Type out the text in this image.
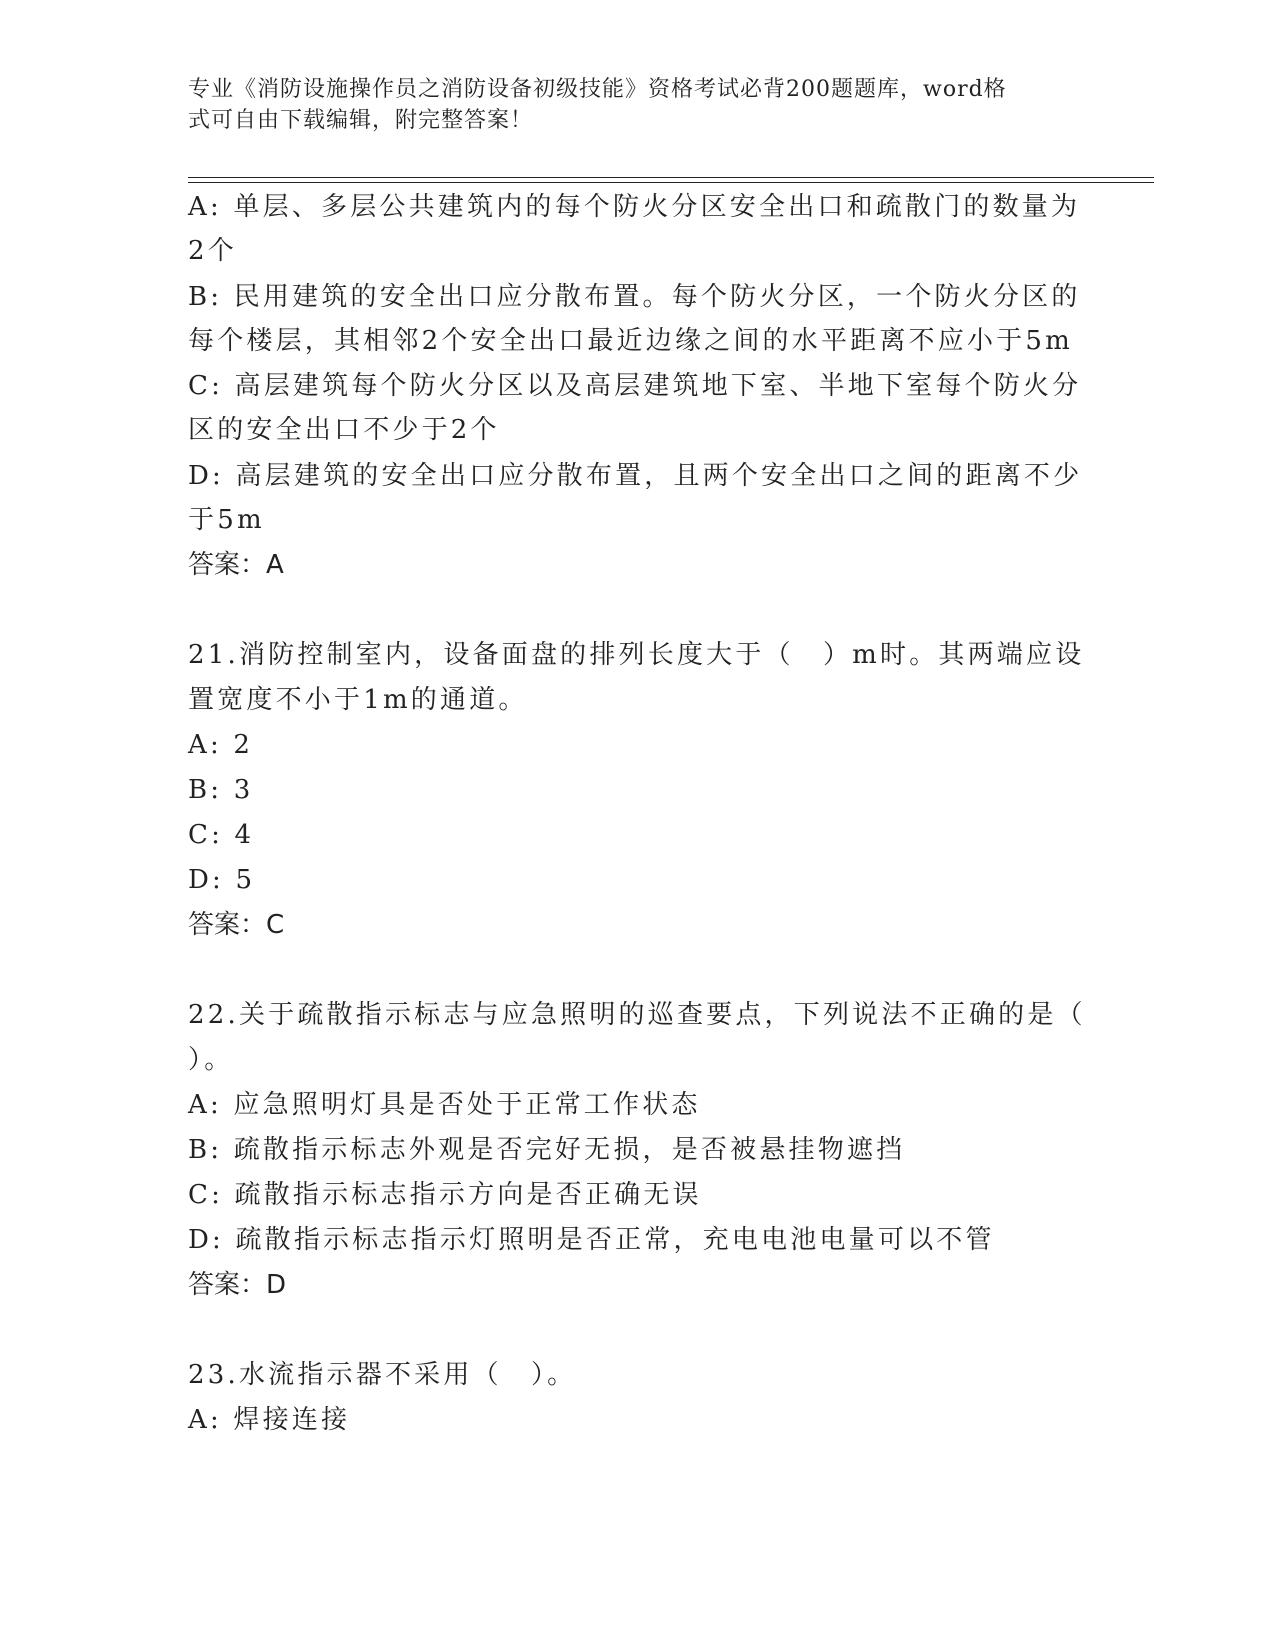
专业《消防设施操作员之消防设备初级技能》资格考试必背200题题库，word格
式可自由下载编辑，附完整答案！
A: 单层、多层公共建筑内的每个防火分区安全出口和疏散门的数量为
2个
B: 民用建筑的安全出口应分散布置。每个防火分区，一个防火分区的
每个楼层，其相邻2个安全出口最近边缘之间的水平距离不应小于5m
C: 高层建筑每个防火分区以及高层建筑地下室、半地下室每个防火分
区的安全出口不少于2个
D: 高层建筑的安全出口应分散布置，且两个安全出口之间的距离不少
于5m
答案：A
21.消防控制室内，设备面盘的排列长度大于（　）m时。其两端应设
置宽度不小于1m的通道。
A: 2
B: 3
C: 4
D: 5
答案：C
22.关于疏散指示标志与应急照明的巡查要点，下列说法不正确的是（
）。
A: 应急照明灯具是否处于正常工作状态
B: 疏散指示标志外观是否完好无损，是否被悬挂物遮挡
C: 疏散指示标志指示方向是否正确无误
D: 疏散指示标志指示灯照明是否正常，充电电池电量可以不管
答案：D
23.水流指示器不采用（　）。
A: 焊接连接
